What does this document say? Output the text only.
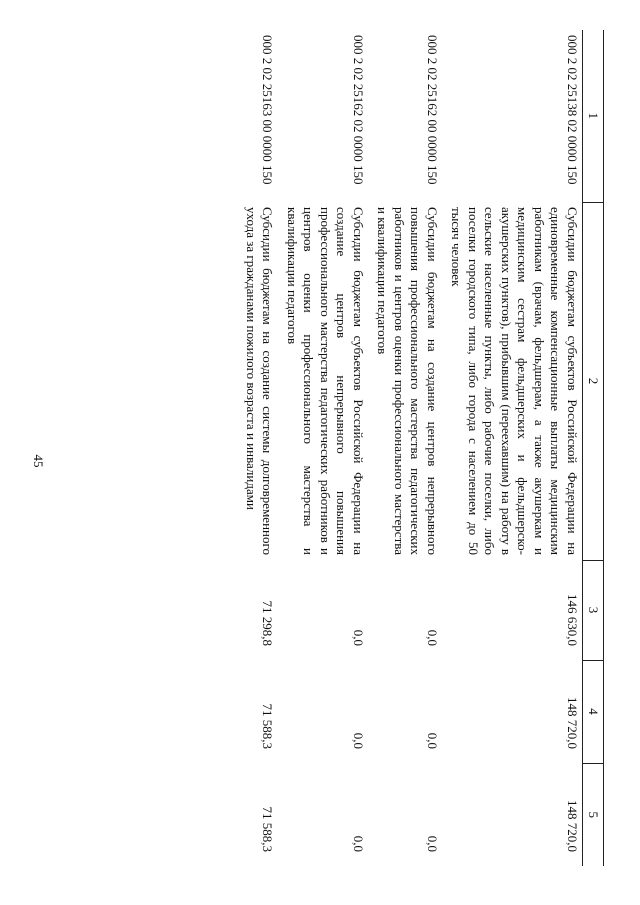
45
1	2	3	4	5
000 2 02 25138 02 0000 150	Субсидии бюджетам субъектов Российской Федерации на единовременные компенсационные выплаты медицинским работникам (врачам, фельдшерам, а также акушеркам и медицинским сестрам фельдшерских и фельдшерско-акушерских пунктов), прибывшим (переехавшим) на работу в сельские населенные пункты, либо рабочие поселки, либо поселки городского типа, либо города с населением до 50 тысяч человек	146 630,0	148 720,0	148 720,0
000 2 02 25162 00 0000 150	Субсидии бюджетам на создание центров непрерывного повышения профессионального мастерства педагогических работников и центров оценки профессионального мастерства и квалификации педагогов	0,0	0,0	0,0
000 2 02 25162 02 0000 150	Субсидии бюджетам субъектов Российской Федерации на создание центров непрерывного повышения профессионального мастерства педагогических работников и центров оценки профессионального мастерства и квалификации педагогов	0,0	0,0	0,0
000 2 02 25163 00 0000 150	Субсидии бюджетам на создание системы долговременного ухода за гражданами пожилого возраста и инвалидами	71 298,8	71 588,3	71 588,3
